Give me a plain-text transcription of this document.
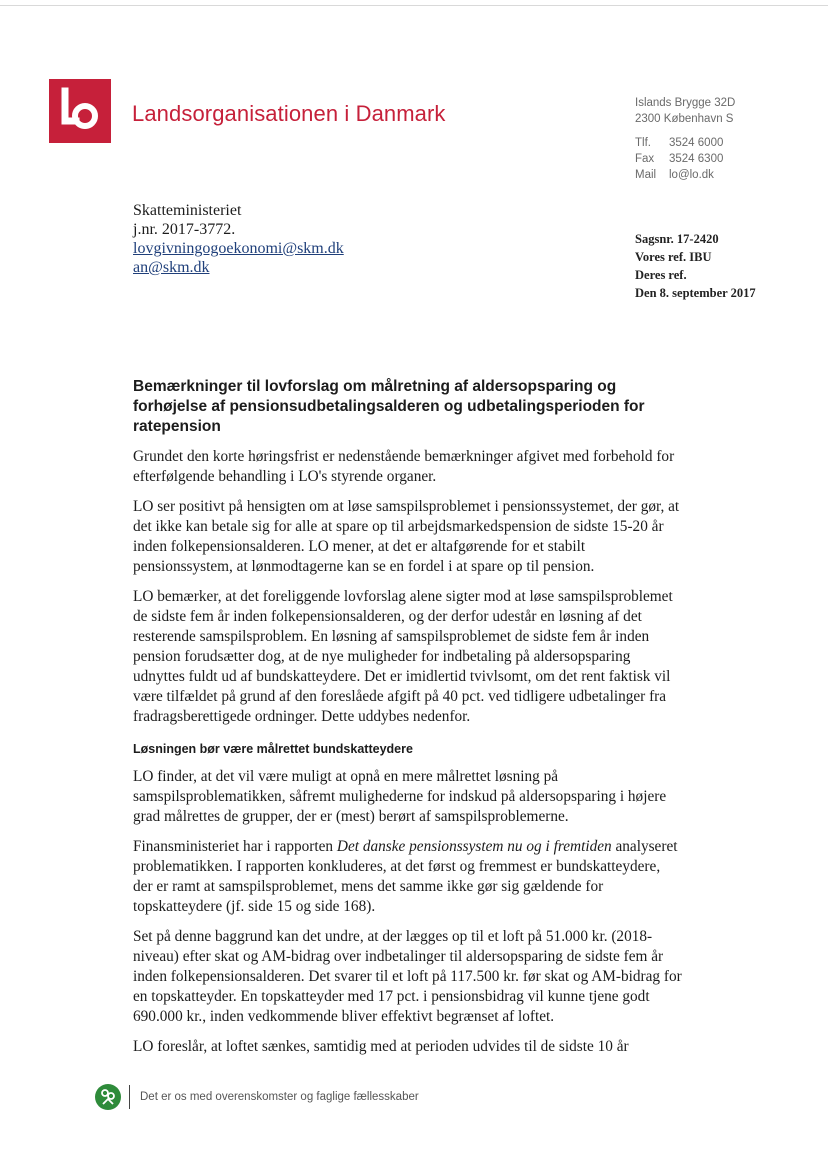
Landsorganisationen i Danmark	Islands Brygge 32D
2300 København S
Tlf.	3524 6000
Fax	3524 6300
Mail	lo@lo.dk
Skatteministeriet
j.nr. 2017-3772.
lovgivningogoekonomi@skm.dk
an@skm.dk
Sagsnr. 17-2420
Vores ref. IBU
Deres ref.
Den 8. september 2017
Bemærkninger til lovforslag om målretning af aldersopsparing og forhøjelse af pensionsudbetalingsalderen og udbetalingsperioden for ratepension

Grundet den korte høringsfrist er nedenstående bemærkninger afgivet med forbehold for efterfølgende behandling i LO's styrende organer.

LO ser positivt på hensigten om at løse samspilsproblemet i pensionssystemet, der gør, at det ikke kan betale sig for alle at spare op til arbejdsmarkedspension de sidste 15-20 år inden folkepensionsalderen. LO mener, at det er altafgørende for et stabilt pensionssystem, at lønmodtagerne kan se en fordel i at spare op til pension.

LO bemærker, at det foreliggende lovforslag alene sigter mod at løse samspilsproblemet de sidste fem år inden folkepensionsalderen, og der derfor udestår en løsning af det resterende samspilsproblem. En løsning af samspilsproblemet de sidste fem år inden pension forudsætter dog, at de nye muligheder for indbetaling på aldersopsparing udnyttes fuldt ud af bundskatteydere. Det er imidlertid tvivlsomt, om det rent faktisk vil være tilfældet på grund af den foreslåede afgift på 40 pct. ved tidligere udbetalinger fra fradragsberettigede ordninger. Dette uddybes nedenfor.

Løsningen bør være målrettet bundskatteydere

LO finder, at det vil være muligt at opnå en mere målrettet løsning på samspilsproblematikken, såfremt mulighederne for indskud på aldersopsparing i højere grad målrettes de grupper, der er (mest) berørt af samspilsproblemerne.

Finansministeriet har i rapporten Det danske pensionssystem nu og i fremtiden analyseret problematikken. I rapporten konkluderes, at det først og fremmest er bundskatteydere, der er ramt at samspilsproblemet, mens det samme ikke gør sig gældende for topskatteydere (jf. side 15 og side 168).

Set på denne baggrund kan det undre, at der lægges op til et loft på 51.000 kr. (2018-niveau) efter skat og AM-bidrag over indbetalinger til aldersopsparing de sidste fem år inden folkepensionsalderen. Det svarer til et loft på 117.500 kr. før skat og AM-bidrag for en topskatteyder. En topskatteyder med 17 pct. i pensionsbidrag vil kunne tjene godt 690.000 kr., inden vedkommende bliver effektivt begrænset af loftet.

LO foreslår, at loftet sænkes, samtidig med at perioden udvides til de sidste 10 år

Det er os med overenskomster og faglige fællesskaber
